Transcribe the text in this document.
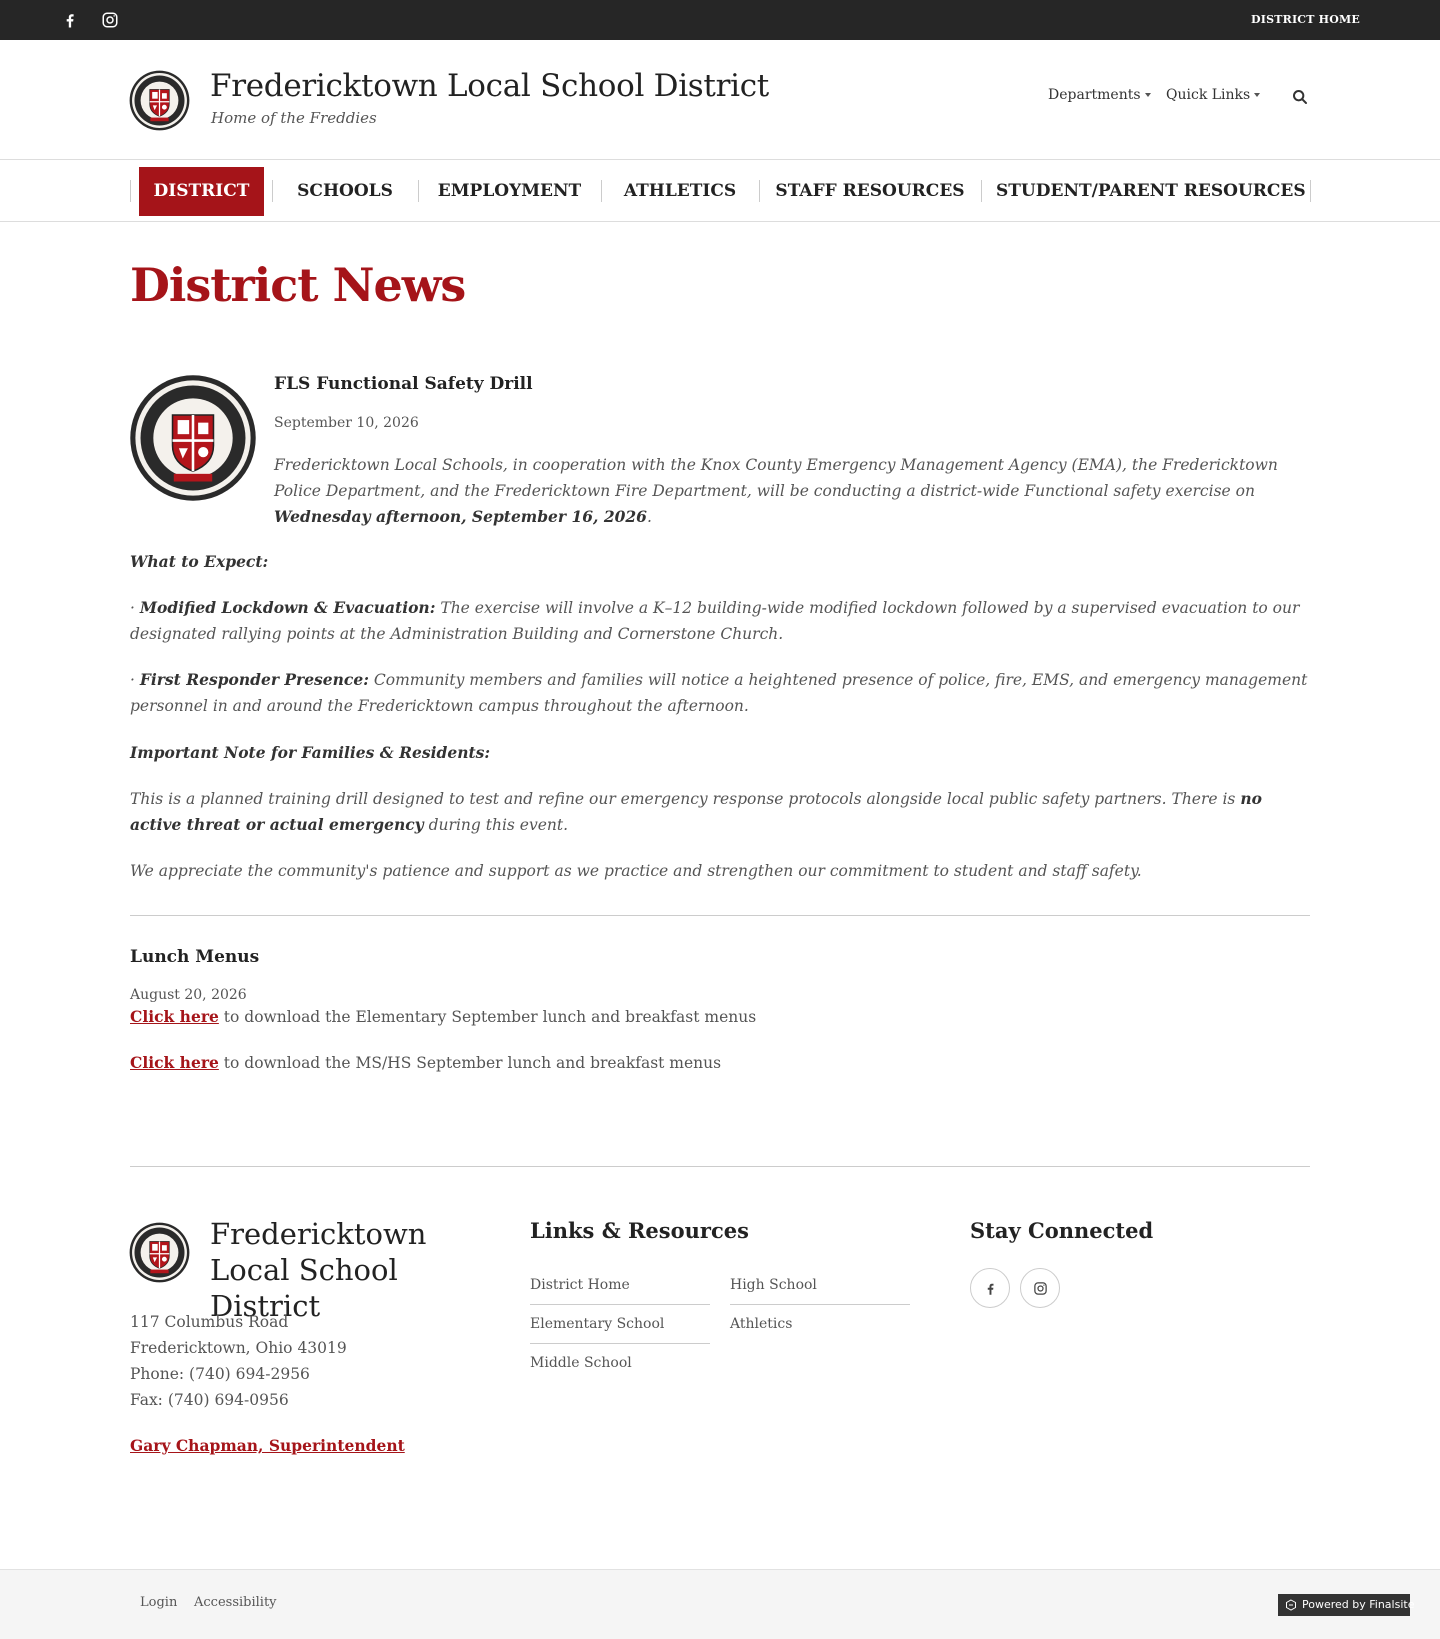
DISTRICT HOME
Fredericktown Local School District
Home of the Freddies
Departments	Quick Links
DISTRICT	SCHOOLS	EMPLOYMENT	ATHLETICS	STAFF RESOURCES STUDENT/PARENT RESOURCES
District News
FLS Functional Safety Drill
September 10, 2026

Fredericktown Local Schools, in cooperation with the Knox County Emergency Management Agency (EMA), the Fredericktown Police Department, and the Fredericktown Fire Department, will be conducting a district-wide Functional safety exercise on Wednesday afternoon, September 16, 2026.

What to Expect:

· Modified Lockdown & Evacuation: The exercise will involve a K–12 building-wide modified lockdown followed by a supervised evacuation to our designated rallying points at the Administration Building and Cornerstone Church.

· First Responder Presence: Community members and families will notice a heightened presence of police, fire, EMS, and emergency management personnel in and around the Fredericktown campus throughout the afternoon.

Important Note for Families & Residents:

This is a planned training drill designed to test and refine our emergency response protocols alongside local public safety partners. There is no active threat or actual emergency during this event.

We appreciate the community's patience and support as we practice and strengthen our commitment to student and staff safety.

Lunch Menus
August 20, 2026
Click here to download the Elementary September lunch and breakfast menus
Click here to download the MS/HS September lunch and breakfast menus
Fredericktown Local School District
117 Columbus Road
Fredericktown, Ohio 43019
Phone: (740) 694-2956
Fax: (740) 694-0956
Gary Chapman, Superintendent
Links & Resources
District Home	High School
Elementary School	Athletics
Middle School
Stay Connected
Login Accessibility	Powered by Finalsite
